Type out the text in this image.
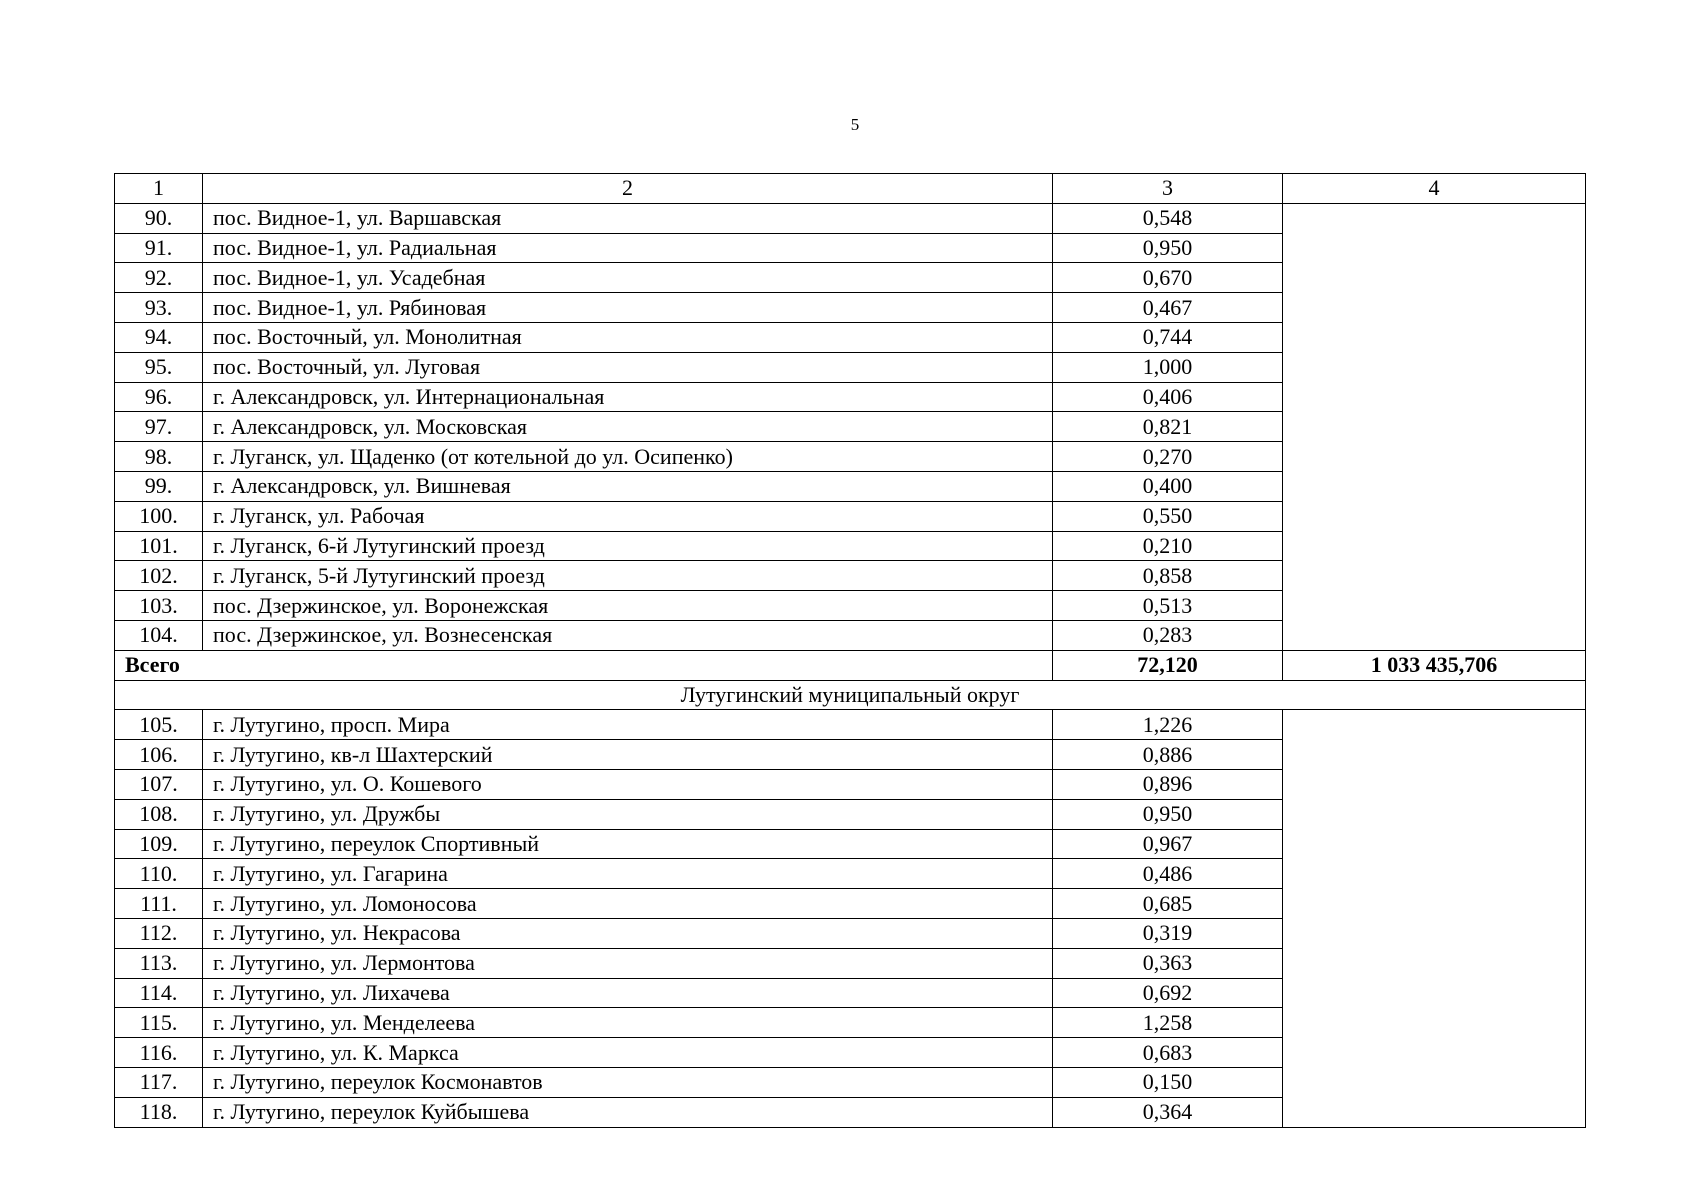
5
1	2	3	4
90.	пос. Видное-1, ул. Варшавская	0,548	
91.	пос. Видное-1, ул. Радиальная	0,950	
92.	пос. Видное-1, ул. Усадебная	0,670	
93.	пос. Видное-1, ул. Рябиновая	0,467	
94.	пос. Восточный, ул. Монолитная	0,744	
95.	пос. Восточный, ул. Луговая	1,000	
96.	г. Александровск, ул. Интернациональная	0,406	
97.	г. Александровск, ул. Московская	0,821	
98.	г. Луганск, ул. Щаденко (от котельной до ул. Осипенко)	0,270	
99.	г. Александровск, ул. Вишневая	0,400	
100.	г. Луганск, ул. Рабочая	0,550	
101.	г. Луганск, 6-й Лутугинский проезд	0,210	
102.	г. Луганск, 5-й Лутугинский проезд	0,858	
103.	пос. Дзержинское, ул. Воронежская	0,513	
104.	пос. Дзержинское, ул. Вознесенская	0,283	
Всего		72,120	1 033 435,706
Лутугинский муниципальный округ			
105.	г. Лутугино, просп. Мира	1,226	
106.	г. Лутугино, кв-л Шахтерский	0,886	
107.	г. Лутугино, ул. О. Кошевого	0,896	
108.	г. Лутугино, ул. Дружбы	0,950	
109.	г. Лутугино, переулок Спортивный	0,967	
110.	г. Лутугино, ул. Гагарина	0,486	
111.	г. Лутугино, ул. Ломоносова	0,685	
112.	г. Лутугино, ул. Некрасова	0,319	
113.	г. Лутугино, ул. Лермонтова	0,363	
114.	г. Лутугино, ул. Лихачева	0,692	
115.	г. Лутугино, ул. Менделеева	1,258	
116.	г. Лутугино, ул. К. Маркса	0,683	
117.	г. Лутугино, переулок Космонавтов	0,150	
118.	г. Лутугино, переулок Куйбышева	0,364	
